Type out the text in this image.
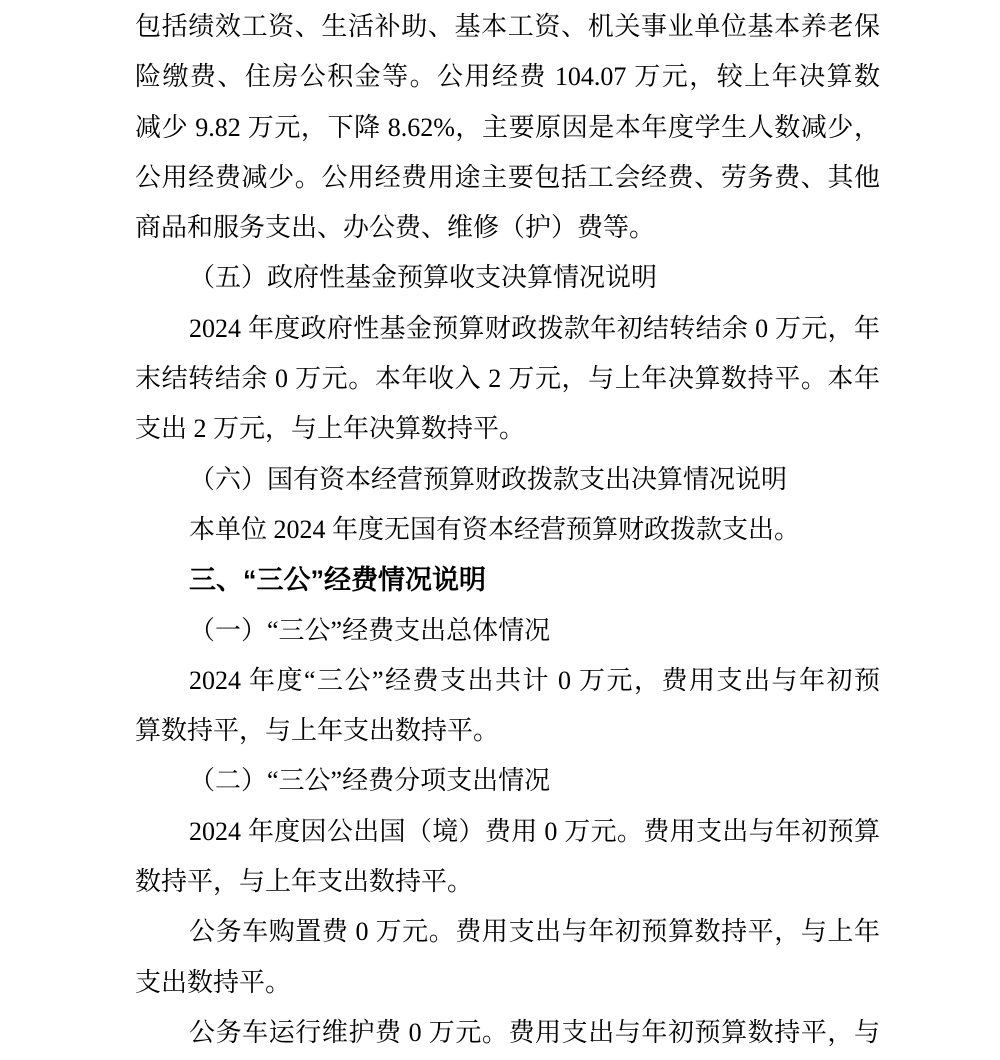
包括绩效工资、生活补助、基本工资、机关事业单位基本养老保
险缴费、住房公积金等。公用经费 104.07 万元，较上年决算数
减少 9.82 万元，下降 8.62%，主要原因是本年度学生人数减少，
公用经费减少。公用经费用途主要包括工会经费、劳务费、其他
商品和服务支出、办公费、维修（护）费等。
（五）政府性基金预算收支决算情况说明
2024 年度政府性基金预算财政拨款年初结转结余 0 万元，年
末结转结余 0 万元。本年收入 2 万元，与上年决算数持平。本年
支出 2 万元，与上年决算数持平。
（六）国有资本经营预算财政拨款支出决算情况说明
本单位 2024 年度无国有资本经营预算财政拨款支出。
三、“三公”经费情况说明
（一）“三公”经费支出总体情况
2024 年度“三公”经费支出共计 0 万元，费用支出与年初预
算数持平，与上年支出数持平。
（二）“三公”经费分项支出情况
2024 年度因公出国（境）费用 0 万元。费用支出与年初预算
数持平，与上年支出数持平。
公务车购置费 0 万元。费用支出与年初预算数持平，与上年
支出数持平。
公务车运行维护费 0 万元。费用支出与年初预算数持平，与
